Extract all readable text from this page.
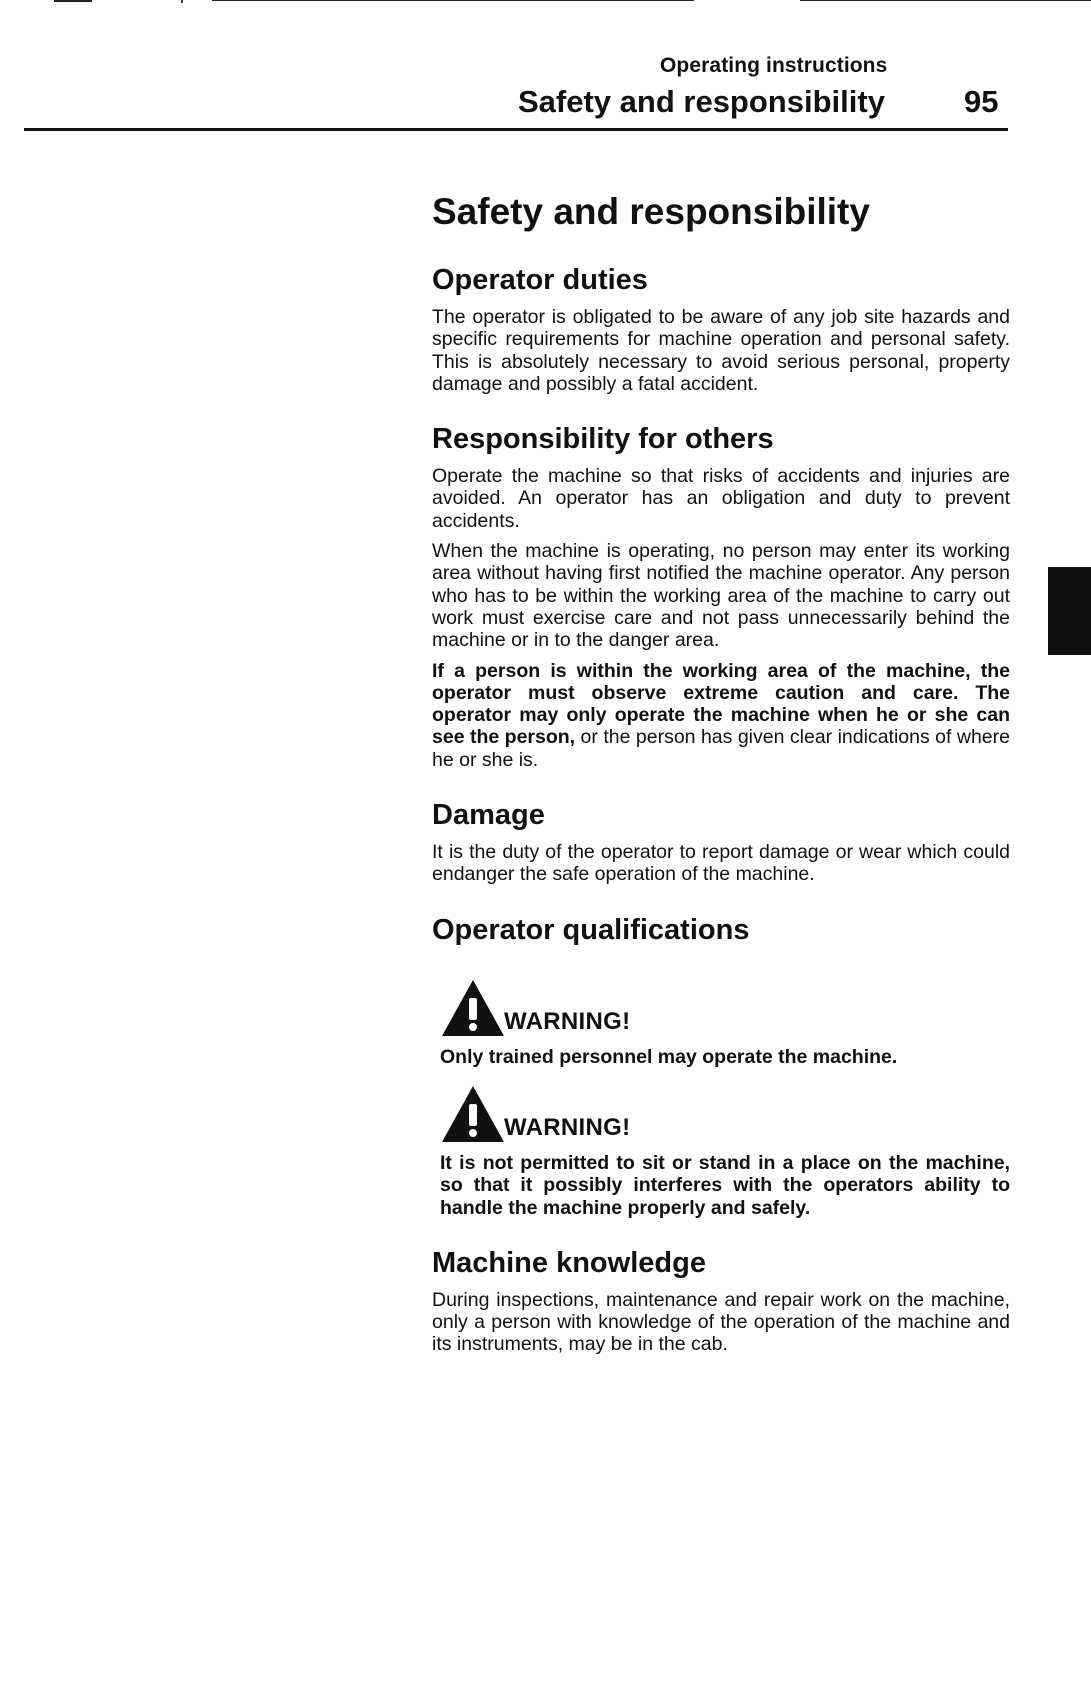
Operating instructions
Safety and responsibility	95
Safety and responsibility
Operator duties

The operator is obligated to be aware of any job site hazards and specific requirements for machine operation and personal safety. This is absolutely necessary to avoid serious personal, property damage and possibly a fatal accident.

Responsibility for others

Operate the machine so that risks of accidents and injuries are avoided. An operator has an obligation and duty to prevent accidents.

When the machine is operating, no person may enter its working area without having first notified the machine operator. Any person who has to be within the working area of the machine to carry out work must exercise care and not pass unnecessarily behind the machine or in to the danger area.

If a person is within the working area of the machine, the operator must observe extreme caution and care. The operator may only operate the machine when he or she can see the person, or the person has given clear indications of where he or she is.

Damage

It is the duty of the operator to report damage or wear which could endanger the safe operation of the machine.

Operator qualifications
WARNING!

Only trained personnel may operate the machine.

WARNING!

It is not permitted to sit or stand in a place on the machine, so that it possibly interferes with the operators ability to handle the machine properly and safely.

Machine knowledge

During inspections, maintenance and repair work on the machine, only a person with knowledge of the operation of the machine and its instruments, may be in the cab.
